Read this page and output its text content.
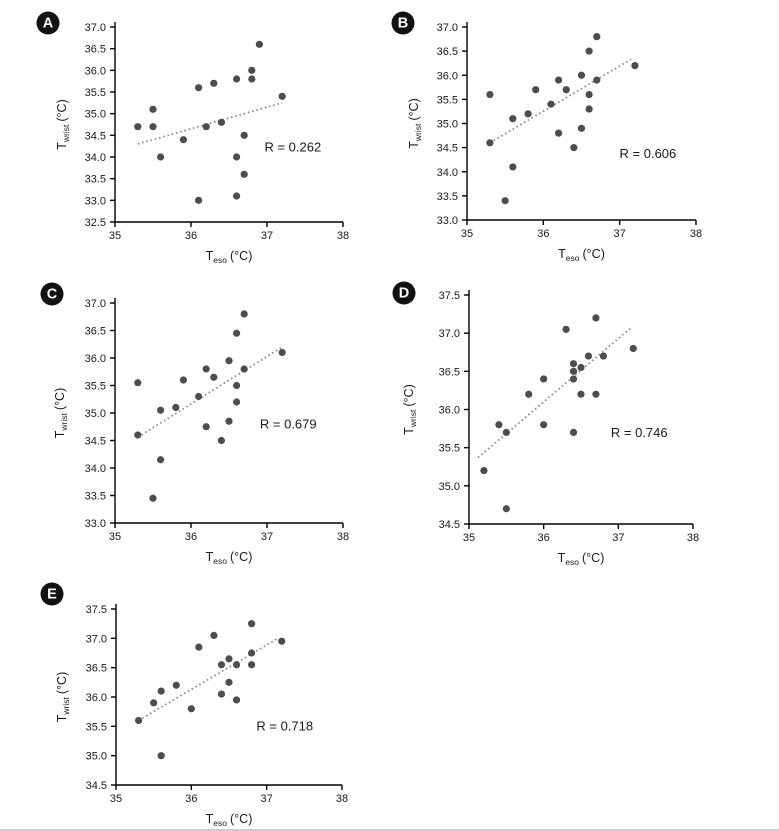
A	37.0
36.5
36.0
35.5
35.0
34.5
34.0
33.5
33.0
32.5
35	36	37	38
R = 0.262
$T_{eso}$ (°C)
$T_{wrist}(^\circ C)$
B	37.0
36.5
36.0
35.5
35.0
34.5
34.0
33.5
33.0
35	36	37	38
R = 0.606
$T_{eso}$ (°C)
$T_{wrist}(^\circ C)$
C
37.0
36.5
36.0
35.5
35.0
34.5
34.0
33.5
33.0
35	36	37	38
R = 0.679
$T_{eso}$ (°C)
$T_{wrist}(^\circ C)$
D	37.5
37.0
36.5
36.0
35.5
35.0
34.5
35	36	37	38
R = 0.746
$T_{eso}$ (°C)
$T_{wrist}(^\circ C)$
E
37.5
37.0
36.5
36.0
35.5
35.0
34.5
35	36	37	38
R = 0.718
$T_{eso}$ (°C)
$T_{wrist}(^\circ C)$
